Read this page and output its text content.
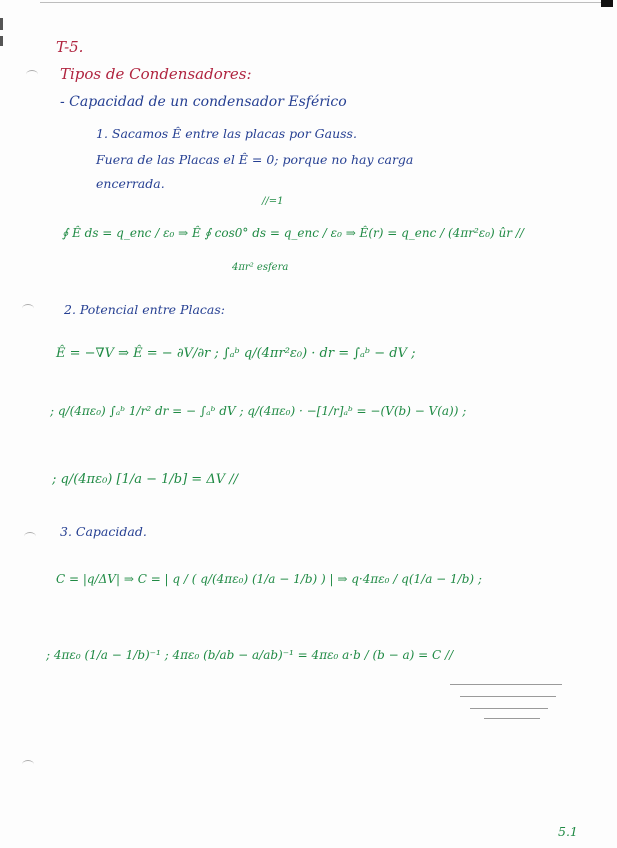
T-5.
Tipos de Condensadores:
- Capacidad de un condensador Esférico
1. Sacamos Ê entre las placas por Gauss.
Fuera de las Placas el Ê = 0; porque no hay carga
encerrada.
//=1
∮ Ê ds = q_enc / ε₀ ⇒ Ê ∮ cos0° ds = q_enc / ε₀ ⇒ Ê(r) = q_enc / (4πr²ε₀) ûr //
4πr² esfera
2. Potencial entre Placas:
Ê = −∇V ⇒ Ê = − ∂V/∂r ; ∫ₐᵇ q/(4πr²ε₀) · dr = ∫ₐᵇ − dV ;
; q/(4πε₀) ∫ₐᵇ 1/r² dr = − ∫ₐᵇ dV ; q/(4πε₀) · −[1/r]ₐᵇ = −(V(b) − V(a)) ;
; q/(4πε₀) [1/a − 1/b] = ΔV //
3. Capacidad.
C = |q/ΔV| ⇒ C = | q / ( q/(4πε₀) (1/a − 1/b) ) | ⇒ q·4πε₀ / q(1/a − 1/b) ;
; 4πε₀ (1/a − 1/b)⁻¹ ; 4πε₀ (b/ab − a/ab)⁻¹ = 4πε₀ a·b / (b − a) = C //
5.1
